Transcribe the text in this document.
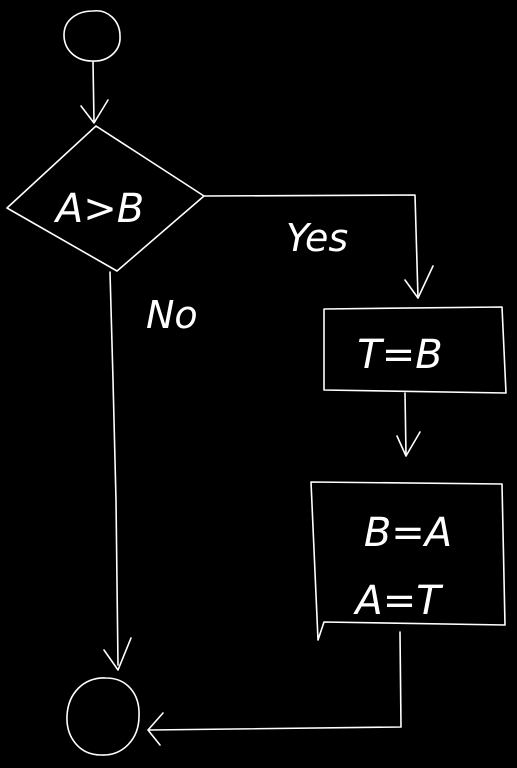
A>B
Yes
T=B
B=A
A=T
No
